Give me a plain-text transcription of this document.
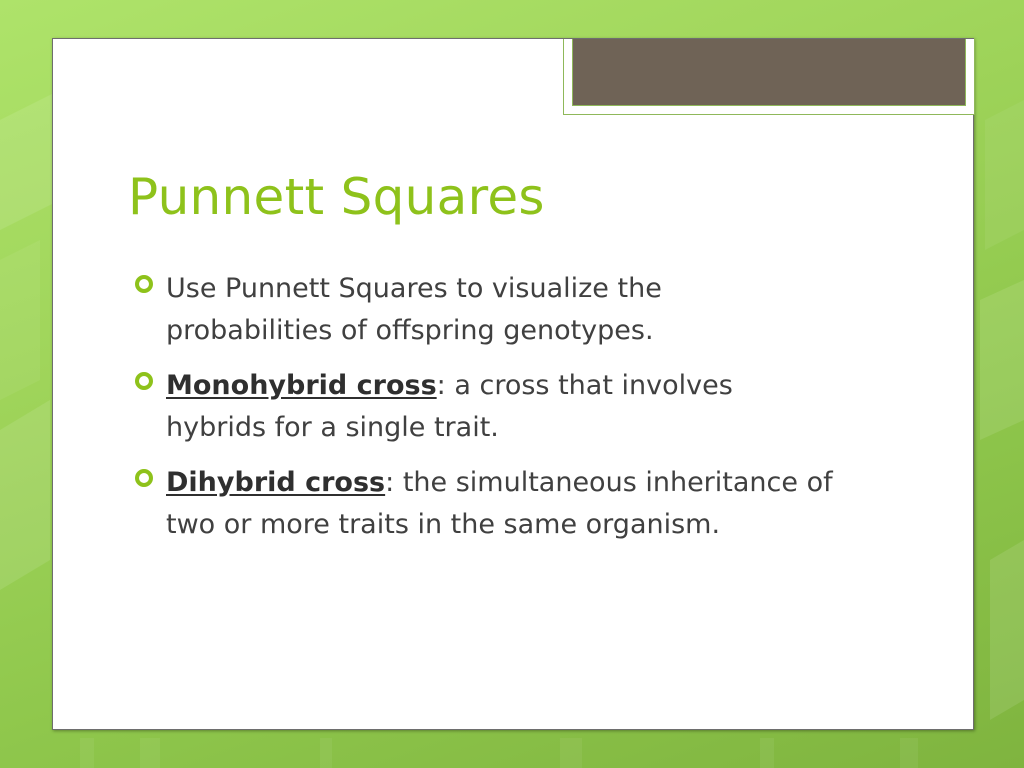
Punnett Squares
Use Punnett Squares to visualize the probabilities of offspring genotypes.
Monohybrid cross: a cross that involves hybrids for a single trait.
Dihybrid cross: the simultaneous inheritance of two or more traits in the same organism.
